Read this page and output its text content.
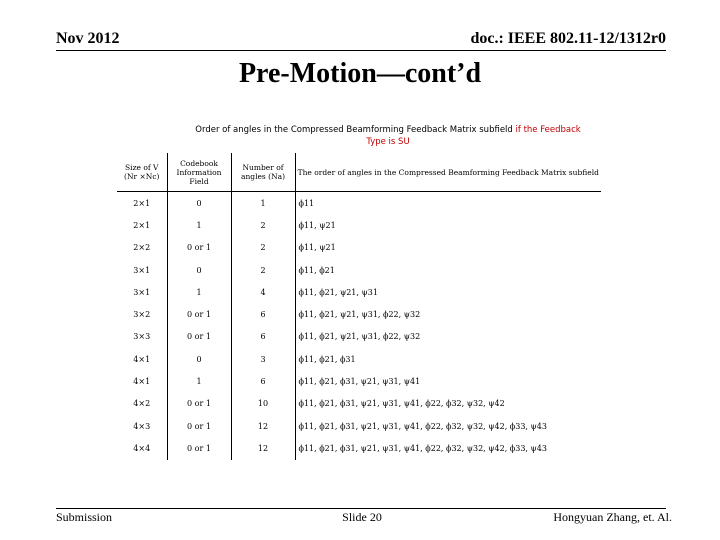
Nov 2012	doc.: IEEE 802.11-12/1312r0
Pre-Motion—cont’d
Order of angles in the Compressed Beamforming Feedback Matrix subfield if the Feedback Type is SU
Size of V (Nr ×Nc)	Codebook Information Field	Number of angles (Na)	The order of angles in the Compressed Beamforming Feedback Matrix subfield
2×1	0	1	ϕ11
2×1	1	2	ϕ11, ψ21
2×2	0 or 1	2	ϕ11, ψ21
3×1	0	2	ϕ11, ϕ21
3×1	1	4	ϕ11, ϕ21, ψ21, ψ31
3×2	0 or 1	6	ϕ11, ϕ21, ψ21, ψ31, ϕ22, ψ32
3×3	0 or 1	6	ϕ11, ϕ21, ψ21, ψ31, ϕ22, ψ32
4×1	0	3	ϕ11, ϕ21, ϕ31
4×1	1	6	ϕ11, ϕ21, ϕ31, ψ21, ψ31, ψ41
4×2	0 or 1	10	ϕ11, ϕ21, ϕ31, ψ21, ψ31, ψ41, ϕ22, ϕ32, ψ32, ψ42
4×3	0 or 1	12	ϕ11, ϕ21, ϕ31, ψ21, ψ31, ψ41, ϕ22, ϕ32, ψ32, ψ42, ϕ33, ψ43
4×4	0 or 1	12	ϕ11, ϕ21, ϕ31, ψ21, ψ31, ψ41, ϕ22, ϕ32, ψ32, ψ42, ϕ33, ψ43
Submission	Slide 20	Hongyuan Zhang, et. Al.
